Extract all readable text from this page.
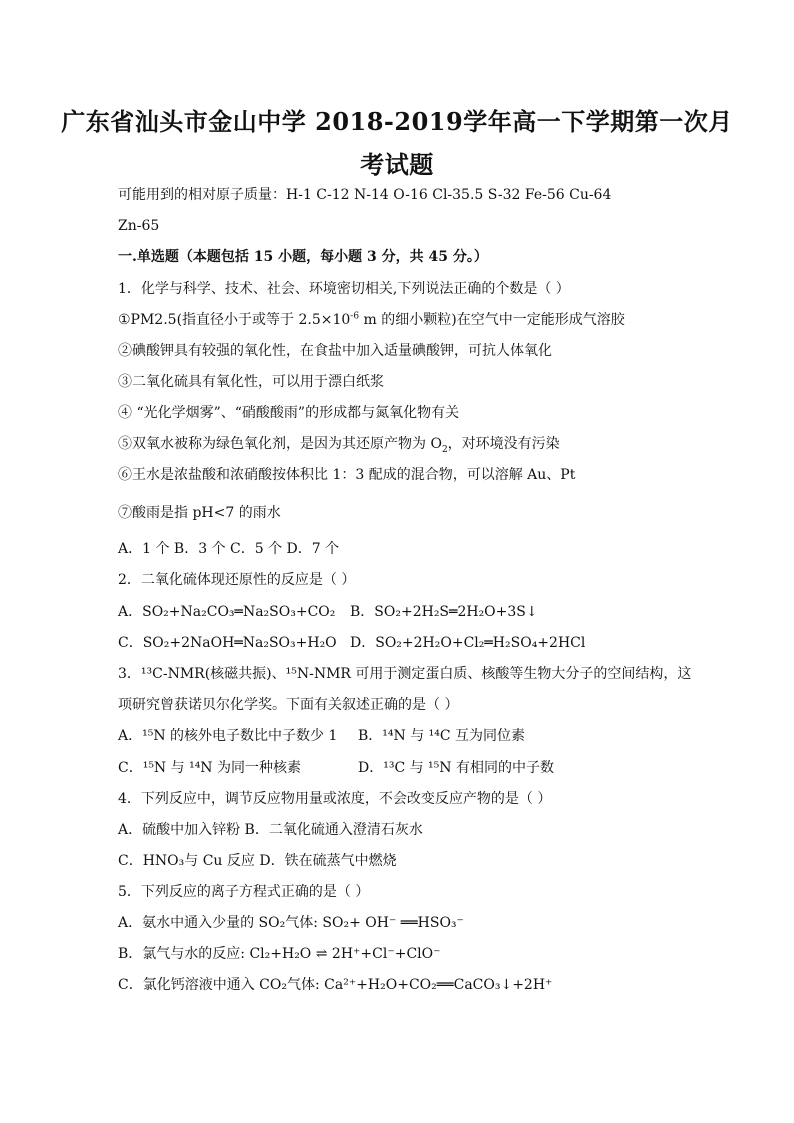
广东省汕头市金山中学 2018-2019学年高一下学期第一次月
考试题
可能用到的相对原子质量：H-1 C-12 N-14 O-16 Cl-35.5 S-32 Fe-56 Cu-64
Zn-65
一.单选题（本题包括 15 小题，每小题 3 分，共 45 分。）
1．化学与科学、技术、社会、环境密切相关,下列说法正确的个数是（ ）
①PM2.5(指直径小于或等于 $2.5\times 10^{-6}$ m 的细小颗粒)在空气中一定能形成气溶胶
②碘酸钾具有较强的氧化性，在食盐中加入适量碘酸钾，可抗人体氧化
③二氧化硫具有氧化性，可以用于漂白纸浆
④ “光化学烟雾”、“硝酸酸雨”的形成都与氮氧化物有关
⑤双氧水被称为绿色氧化剂，是因为其还原产物为 $O_2$，对环境没有污染
⑥王水是浓盐酸和浓硝酸按体积比 1：3 配成的混合物，可以溶解 Au、Pt
⑦酸雨是指 pH<7 的雨水
A．1 个 B．3 个 C．5 个 D．7 个
2．二氧化硫体现还原性的反应是（ ）
A．SO₂+Na₂CO₃═Na₂SO₃+CO₂ B．SO₂+2H₂S═2H₂O+3S↓
C．SO₂+2NaOH═Na₂SO₃+H₂O D．SO₂+2H₂O+Cl₂═H₂SO₄+2HCl
3．¹³C-NMR(核磁共振)、¹⁵N-NMR 可用于测定蛋白质、核酸等生物大分子的空间结构，这
项研究曾获诺贝尔化学奖。下面有关叙述正确的是（ ）
A．¹⁵N 的核外电子数比中子数少 1 B．¹⁴N 与 ¹⁴C 互为同位素
C．¹⁵N 与 ¹⁴N 为同一种核素	D．¹³C 与 ¹⁵N 有相同的中子数
4．下列反应中，调节反应物用量或浓度，不会改变反应产物的是（ ）
A．硫酸中加入锌粉 B．二氧化硫通入澄清石灰水
C．HNO₃与 Cu 反应 D．铁在硫蒸气中燃烧
5．下列反应的离子方程式正确的是（ ）
A．氨水中通入少量的 SO₂气体: SO₂+ OH⁻ ══HSO₃⁻
B．氯气与水的反应: Cl₂+H₂O ⇌ 2H⁺+Cl⁻+ClO⁻
C．氯化钙溶液中通入 CO₂气体: Ca²⁺+H₂O+CO₂══CaCO₃↓+2H⁺
